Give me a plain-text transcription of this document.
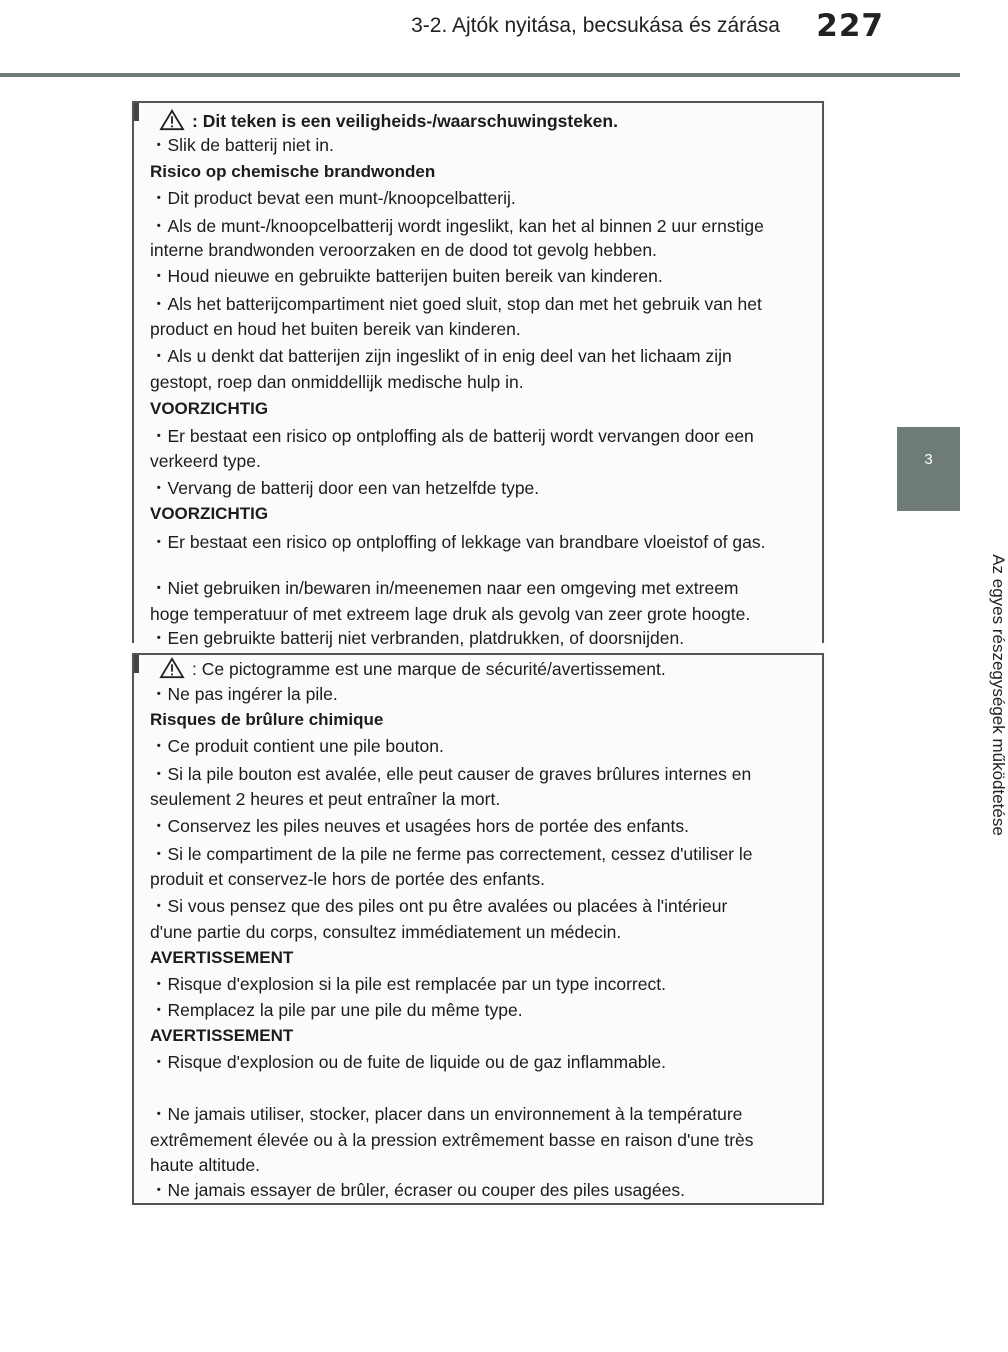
3-2. Ajtók nyitása, becsukása és zárása 227
3
Az egyes részegységek működtetése

: Dit teken is een veiligheids-/waarschuwingsteken.

・Slik de batterij niet in.

Risico op chemische brandwonden

・Dit product bevat een munt-/knoopcelbatterij.

・Als de munt-/knoopcelbatterij wordt ingeslikt, kan het al binnen 2 uur ernstige

interne brandwonden veroorzaken en de dood tot gevolg hebben.

・Houd nieuwe en gebruikte batterijen buiten bereik van kinderen.

・Als het batterijcompartiment niet goed sluit, stop dan met het gebruik van het

product en houd het buiten bereik van kinderen.

・Als u denkt dat batterijen zijn ingeslikt of in enig deel van het lichaam zijn

gestopt, roep dan onmiddellijk medische hulp in.

VOORZICHTIG

・Er bestaat een risico op ontploffing als de batterij wordt vervangen door een

verkeerd type.

・Vervang de batterij door een van hetzelfde type.

VOORZICHTIG

・Er bestaat een risico op ontploffing of lekkage van brandbare vloeistof of gas.

・Niet gebruiken in/bewaren in/meenemen naar een omgeving met extreem

hoge temperatuur of met extreem lage druk als gevolg van zeer grote hoogte.

・Een gebruikte batterij niet verbranden, platdrukken, of doorsnijden.

: Ce pictogramme est une marque de sécurité/avertissement.

・Ne pas ingérer la pile.

Risques de brûlure chimique

・Ce produit contient une pile bouton.

・Si la pile bouton est avalée, elle peut causer de graves brûlures internes en

seulement 2 heures et peut entraîner la mort.

・Conservez les piles neuves et usagées hors de portée des enfants.

・Si le compartiment de la pile ne ferme pas correctement, cessez d'utiliser le

produit et conservez-le hors de portée des enfants.

・Si vous pensez que des piles ont pu être avalées ou placées à l'intérieur

d'une partie du corps, consultez immédiatement un médecin.

AVERTISSEMENT

・Risque d'explosion si la pile est remplacée par un type incorrect.

・Remplacez la pile par une pile du même type.

AVERTISSEMENT

・Risque d'explosion ou de fuite de liquide ou de gaz inflammable.

・Ne jamais utiliser, stocker, placer dans un environnement à la température

extrêmement élevée ou à la pression extrêmement basse en raison d'une très

haute altitude.

・Ne jamais essayer de brûler, écraser ou couper des piles usagées.
